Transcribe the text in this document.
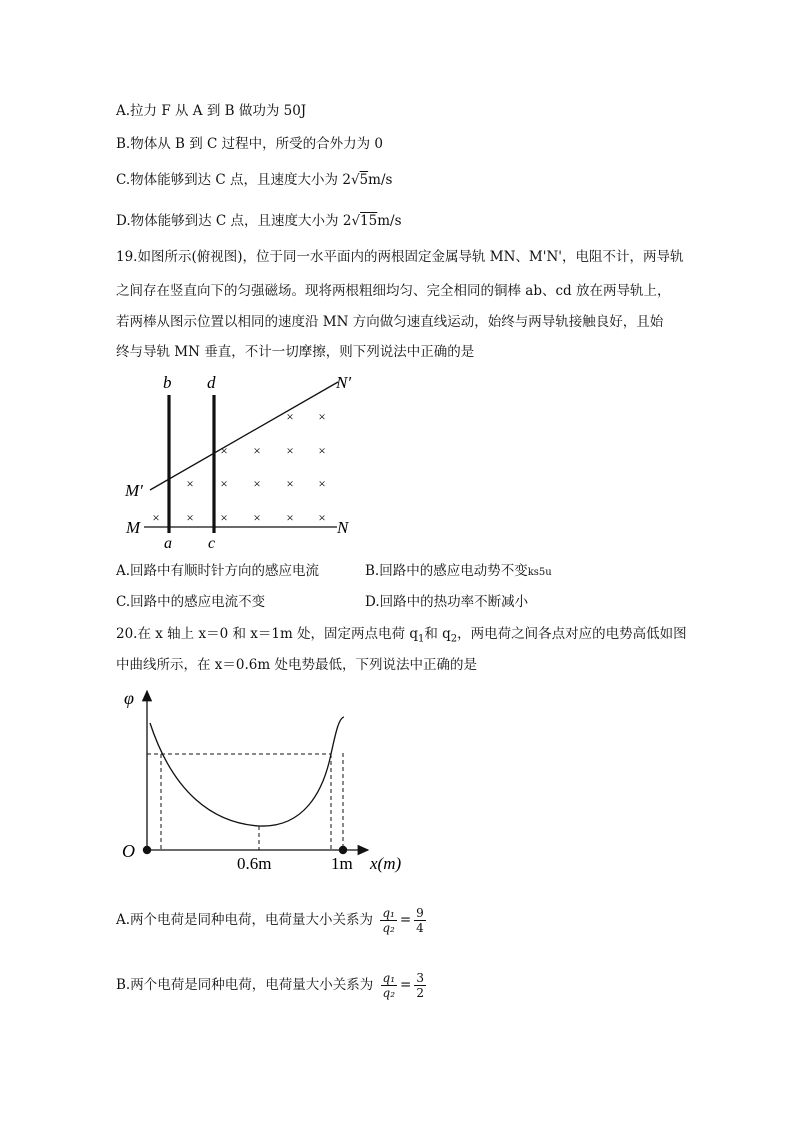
A.拉力 F 从 A 到 B 做功为 50J
B.物体从 B 到 C 过程中，所受的合外力为 0
C.物体能够到达 C 点，且速度大小为 2√5m/s
D.物体能够到达 C 点，且速度大小为 2√15m/s
19.如图所示(俯视图)，位于同一水平面内的两根固定金属导轨 MN、M'N'，电阻不计，两导轨
之间存在竖直向下的匀强磁场。现将两根粗细均匀、完全相同的铜棒 ab、cd 放在两导轨上，
若两棒从图示位置以相同的速度沿 MN 方向做匀速直线运动，始终与两导轨接触良好，且始
终与导轨 MN 垂直，不计一切摩擦，则下列说法中正确的是
b d
a c
M	N
M′
N′
× ×
× × × ×
× × × × ×
× × × × × ×
A.回路中有顺时针方向的感应电流	B.回路中的感应电动势不变ks5u
C.回路中的感应电流不变	D.回路中的热功率不断减小
20.在 x 轴上 x＝0 和 x＝1m 处，固定两点电荷 $q_1$和 $q_2$，两电荷之间各点对应的电势高低如图
中曲线所示，在 x＝0.6m 处电势最低，下列说法中正确的是
φ
O
0.6m	1m x(m)
A.两个电荷是同种电荷，电荷量大小关系为 $\frac{\text{q₁}}{\text{q₂}} = \frac{9}{4}$
B.两个电荷是同种电荷，电荷量大小关系为 $\frac{\text{q₁}}{\text{q₂}} = \frac{3}{2}$
